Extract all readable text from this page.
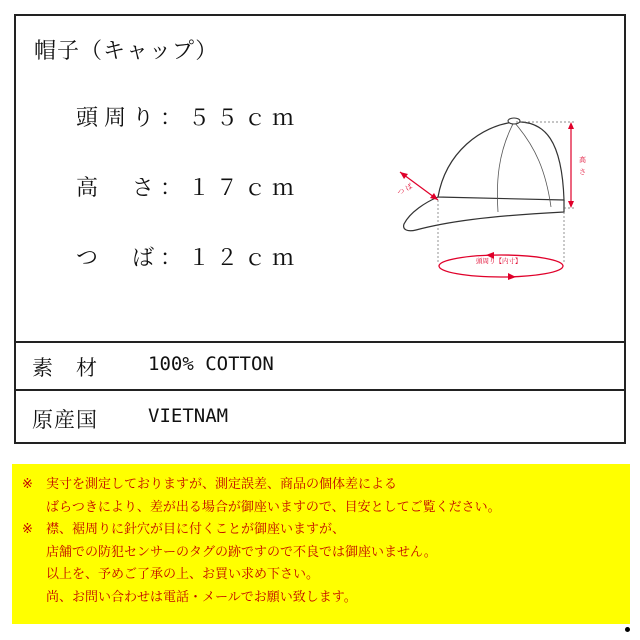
帽子（キャップ）
頭周り：５５ｃｍ
高　さ：１７ｃｍ
つ　ば：１２ｃｍ
高
さ
つ ば
頭周り【内寸】
素　材	100% COTTON
原産国	VIETNAM
※ 実寸を測定しておりますが、測定誤差、商品の個体差による
ばらつきにより、差が出る場合が御座いますので、目安としてご覧ください。
※ 襟、裾周りに針穴が目に付くことが御座いますが、
店舗での防犯センサーのタグの跡ですので不良では御座いません。
以上を、予めご了承の上、お買い求め下さい。
尚、お問い合わせは電話・メールでお願い致します。
